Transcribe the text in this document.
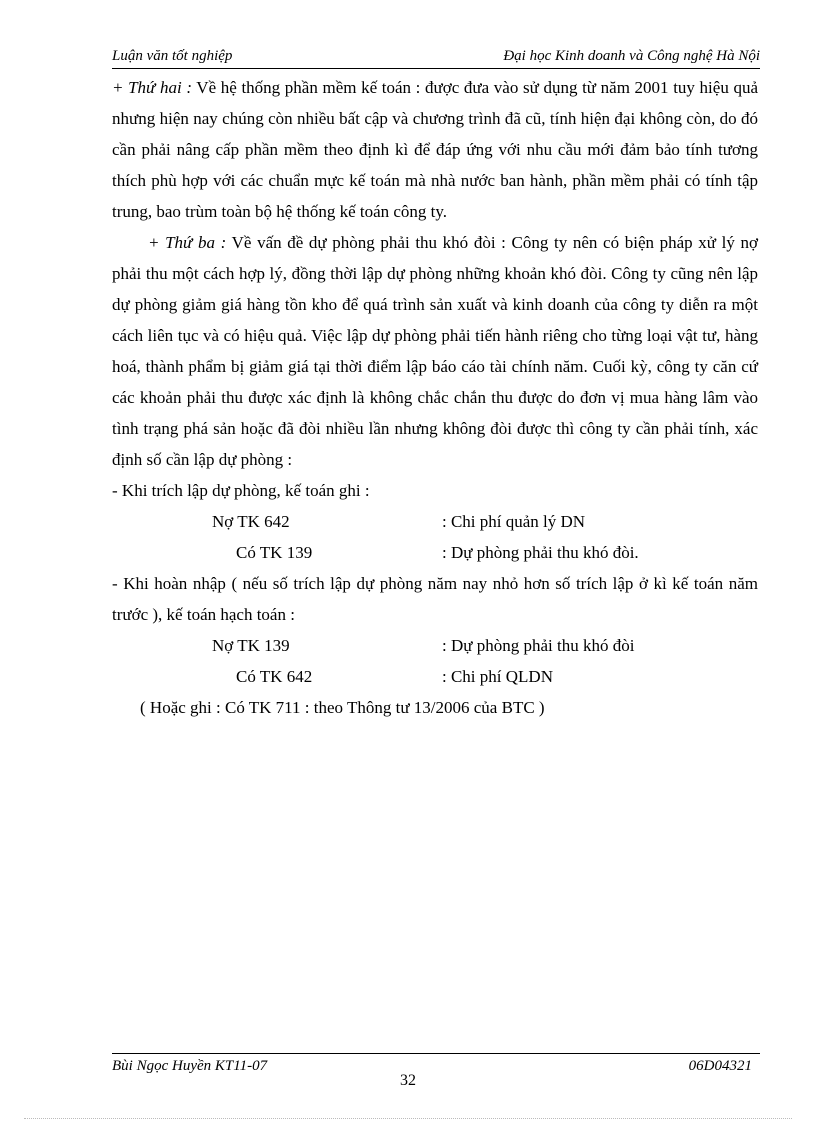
Luận văn tốt nghiệp	Đại học Kinh doanh và Công nghệ Hà Nội

+ Thứ hai : Về hệ thống phần mềm kế toán : được đưa vào sử dụng từ năm 2001 tuy hiệu quả nhưng hiện nay chúng còn nhiều bất cập và chương trình đã cũ, tính hiện đại không còn, do đó cần phải nâng cấp phần mềm theo định kì để đáp ứng với nhu cầu mới đảm bảo tính tương thích phù hợp với các chuẩn mực kế toán mà nhà nước ban hành, phần mềm phải có tính tập trung, bao trùm toàn bộ hệ thống kế toán công ty.

+ Thứ ba : Về vấn đề dự phòng phải thu khó đòi : Công ty nên có biện pháp xử lý nợ phải thu một cách hợp lý, đồng thời lập dự phòng những khoản khó đòi. Công ty cũng nên lập dự phòng giảm giá hàng tồn kho để quá trình sản xuất và kinh doanh của công ty diễn ra một cách liên tục và có hiệu quả. Việc lập dự phòng phải tiến hành riêng cho từng loại vật tư, hàng hoá, thành phẩm bị giảm giá tại thời điểm lập báo cáo tài chính năm. Cuối kỳ, công ty căn cứ các khoản phải thu được xác định là không chắc chắn thu được do đơn vị mua hàng lâm vào tình trạng phá sản hoặc đã đòi nhiều lần nhưng không đòi được thì công ty cần phải tính, xác định số cần lập dự phòng :

- Khi trích lập dự phòng, kế toán ghi :

Nợ TK 642	: Chi phí quản lý DN
Có TK 139	: Dự phòng phải thu khó đòi.

- Khi hoàn nhập ( nếu số trích lập dự phòng năm nay nhỏ hơn số trích lập ở kì kế toán năm trước ), kế toán hạch toán :

Nợ TK 139	: Dự phòng phải thu khó đòi
Có TK 642	: Chi phí QLDN

( Hoặc ghi : Có TK 711 : theo Thông tư 13/2006 của BTC )

Bùi Ngọc Huyền KT11-07	06D04321
32
